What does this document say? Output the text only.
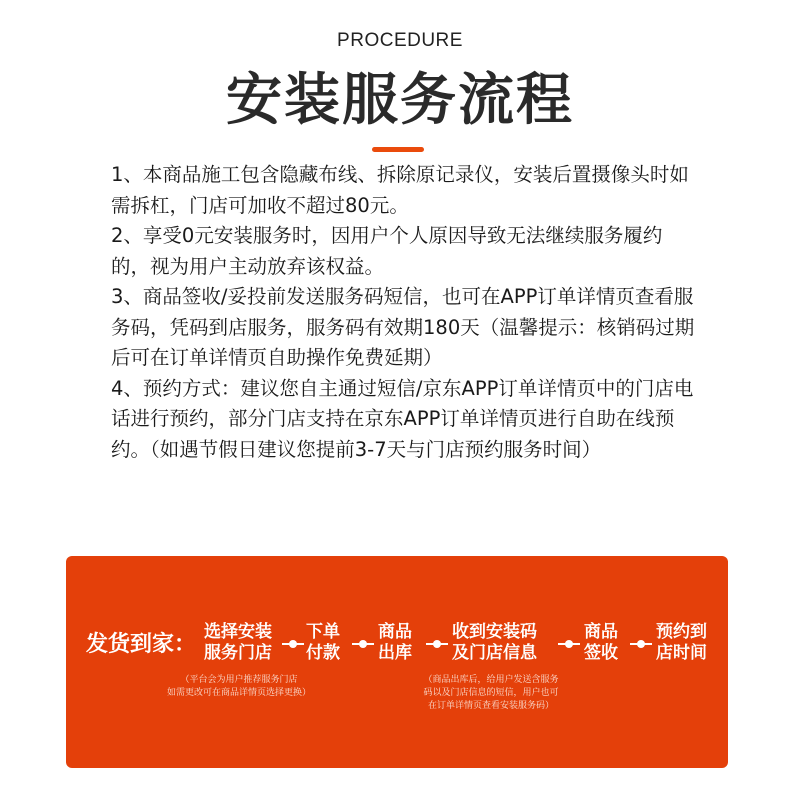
PROCEDURE
安装服务流程

1、本商品施工包含隐藏布线、拆除原记录仪，安装后置摄像头时如需拆杠，门店可加收不超过80元。

2、享受0元安装服务时，因用户个人原因导致无法继续服务履约的，视为用户主动放弃该权益。

3、商品签收/妥投前发送服务码短信，也可在APP订单详情页查看服务码，凭码到店服务，服务码有效期180天（温馨提示：核销码过期后可在订单详情页自助操作免费延期）

4、预约方式：建议您自主通过短信/京东APP订单详情页中的门店电话进行预约，部分门店支持在京东APP订单详情页进行自助在线预约。（如遇节假日建议您提前3-7天与门店预约服务时间）

发货到家： 选择安装
服务门店
下单
付款
商品
出库
收到安装码
及门店信息
商品
签收
预约到
店时间
（平台会为用户推荐服务门店
如需更改可在商品详情页选择更换）
（商品出库后，给用户发送含服务
码以及门店信息的短信，用户也可
在订单详情页查看安装服务码）
